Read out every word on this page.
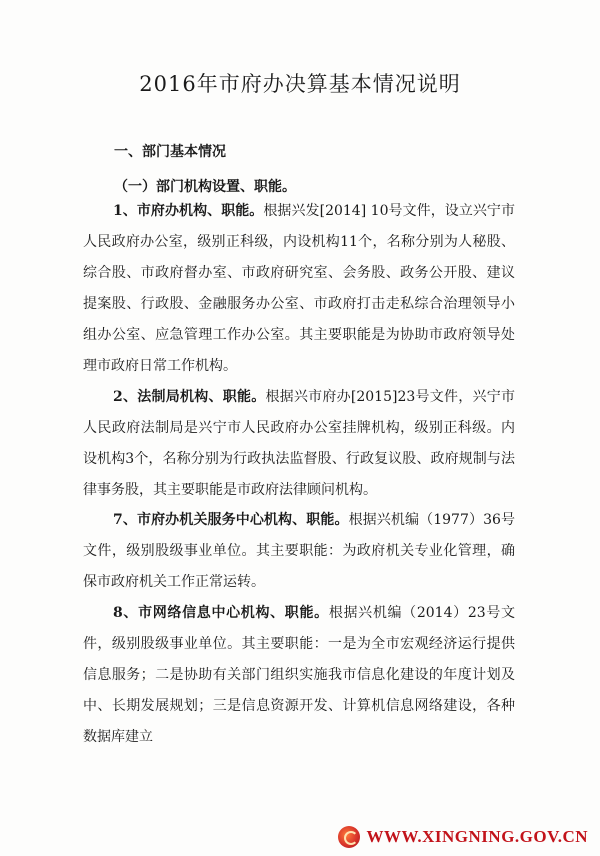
2016年市府办决算基本情况说明
一、部门基本情况
（一）部门机构设置、职能。

1、市府办机构、职能。根据兴发[2014] 10号文件，设立兴宁市人民政府办公室，级别正科级，内设机构11个，名称分别为人秘股、综合股、市政府督办室、市政府研究室、会务股、政务公开股、建议提案股、行政股、金融服务办公室、市政府打击走私综合治理领导小组办公室、应急管理工作办公室。其主要职能是为协助市政府领导处理市政府日常工作机构。

2、法制局机构、职能。根据兴市府办[2015]23号文件，兴宁市人民政府法制局是兴宁市人民政府办公室挂牌机构，级别正科级。内设机构3个，名称分别为行政执法监督股、行政复议股、政府规制与法律事务股，其主要职能是市政府法律顾问机构。

7、市府办机关服务中心机构、职能。根据兴机编（1977）36号文件，级别股级事业单位。其主要职能：为政府机关专业化管理，确保市政府机关工作正常运转。

8、市网络信息中心机构、职能。根据兴机编（2014）23号文件，级别股级事业单位。其主要职能：一是为全市宏观经济运行提供信息服务；二是协助有关部门组织实施我市信息化建设的年度计划及中、长期发展规划；三是信息资源开发、计算机信息网络建设，各种数据库建立

WWW.XINGNING.GOV.CN
